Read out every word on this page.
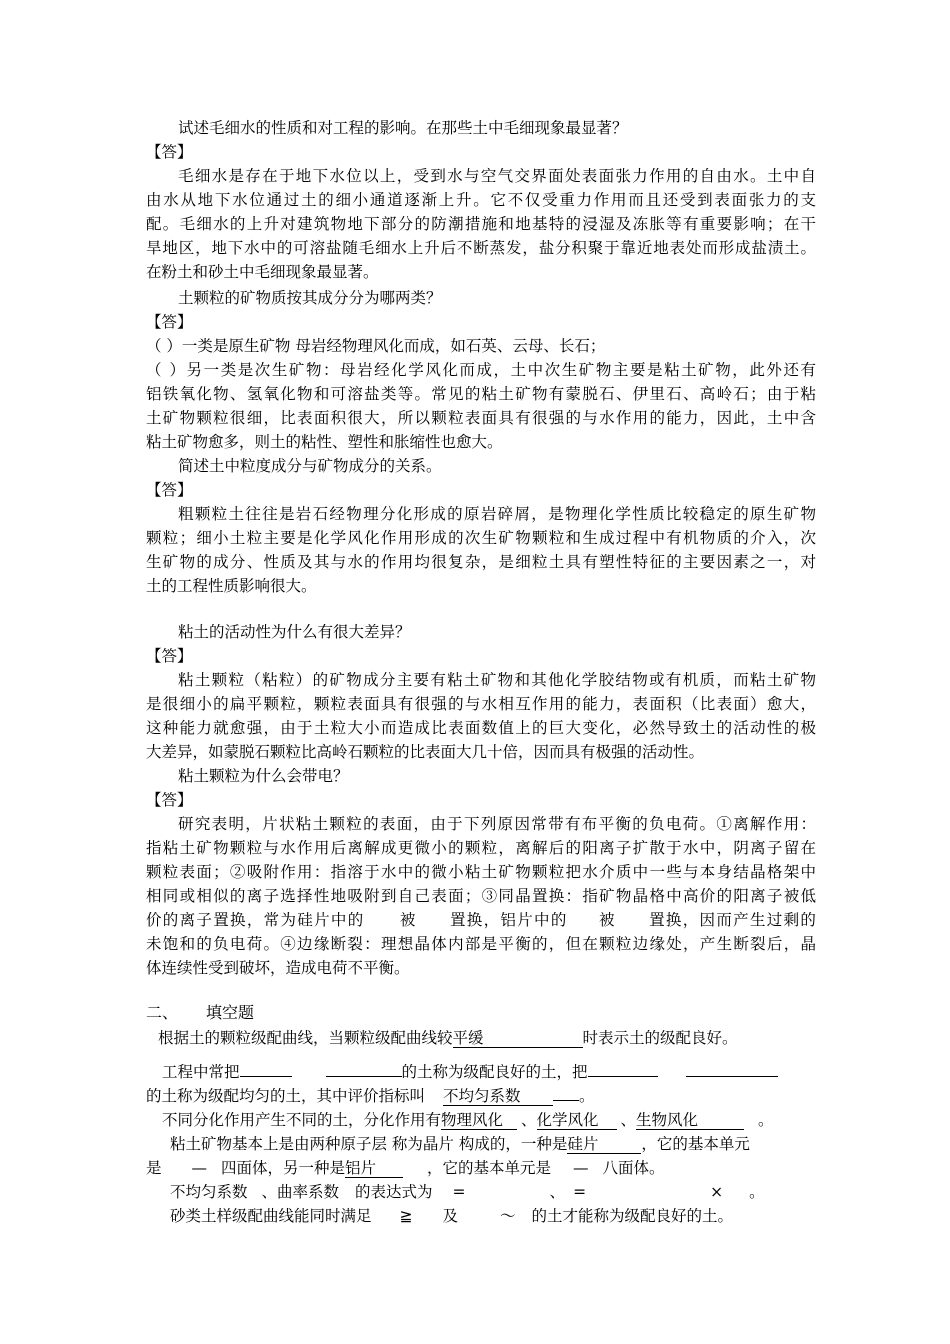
试述毛细水的性质和对工程的影响。在那些土中毛细现象最显著？
【答】
毛细水是存在于地下水位以上，受到水与空气交界面处表面张力作用的自由水。土中自
由水从地下水位通过土的细小通道逐渐上升。它不仅受重力作用而且还受到表面张力的支
配。毛细水的上升对建筑物地下部分的防潮措施和地基特的浸湿及冻胀等有重要影响；在干
旱地区，地下水中的可溶盐随毛细水上升后不断蒸发，盐分积聚于靠近地表处而形成盐渍土。
在粉土和砂土中毛细现象最显著。
土颗粒的矿物质按其成分分为哪两类？
【答】
（ ）一类是原生矿物 母岩经物理风化而成，如石英、云母、长石；
（ ）另一类是次生矿物：母岩经化学风化而成，土中次生矿物主要是粘土矿物，此外还有
铝铁氧化物、氢氧化物和可溶盐类等。常见的粘土矿物有蒙脱石、伊里石、高岭石；由于粘
土矿物颗粒很细，比表面积很大，所以颗粒表面具有很强的与水作用的能力，因此，土中含
粘土矿物愈多，则土的粘性、塑性和胀缩性也愈大。
简述土中粒度成分与矿物成分的关系。
【答】
粗颗粒土往往是岩石经物理分化形成的原岩碎屑，是物理化学性质比较稳定的原生矿物
颗粒；细小土粒主要是化学风化作用形成的次生矿物颗粒和生成过程中有机物质的介入，次
生矿物的成分、性质及其与水的作用均很复杂，是细粒土具有塑性特征的主要因素之一，对
土的工程性质影响很大。
粘土的活动性为什么有很大差异？
【答】
粘土颗粒（粘粒）的矿物成分主要有粘土矿物和其他化学胶结物或有机质，而粘土矿物
是很细小的扁平颗粒，颗粒表面具有很强的与水相互作用的能力，表面积（比表面）愈大，
这种能力就愈强，由于土粒大小而造成比表面数值上的巨大变化，必然导致土的活动性的极
大差异，如蒙脱石颗粒比高岭石颗粒的比表面大几十倍，因而具有极强的活动性。
粘土颗粒为什么会带电？
【答】
研究表明，片状粘土颗粒的表面，由于下列原因常带有布平衡的负电荷。①离解作用：
指粘土矿物颗粒与水作用后离解成更微小的颗粒，离解后的阳离子扩散于水中，阴离子留在
颗粒表面；②吸附作用：指溶于水中的微小粘土矿物颗粒把水介质中一些与本身结晶格架中
相同或相似的离子选择性地吸附到自己表面；③同晶置换：指矿物晶格中高价的阳离子被低
价的离子置换，常为硅片中的 被 置换，铝片中的 被 置换，因而产生过剩的
未饱和的负电荷。④边缘断裂：理想晶体内部是平衡的，但在颗粒边缘处，产生断裂后，晶
体连续性受到破坏，造成电荷不平衡。
二、 填空题
根据土的颗粒级配曲线，当颗粒级配曲线较平缓	时表示土的级配良好。
工程中常把	的土称为级配良好的土，把
的土称为级配均匀的土，其中评价指标叫 不均匀系数	。
不同分化作用产生不同的土，分化作用有物理风化 、化学风化 、生物风化	。
粘土矿物基本上是由两种原子层 称为晶片 构成的，一种是硅片	，它的基本单元
是 — 四面体，另一种是铝片	，它的基本单元是 — 八面体。
不均匀系数 、曲率系数 的表达式为 =	、 =	× 。
砂类土样级配曲线能同时满足 ≧ 及	～ 的土才能称为级配良好的土。
